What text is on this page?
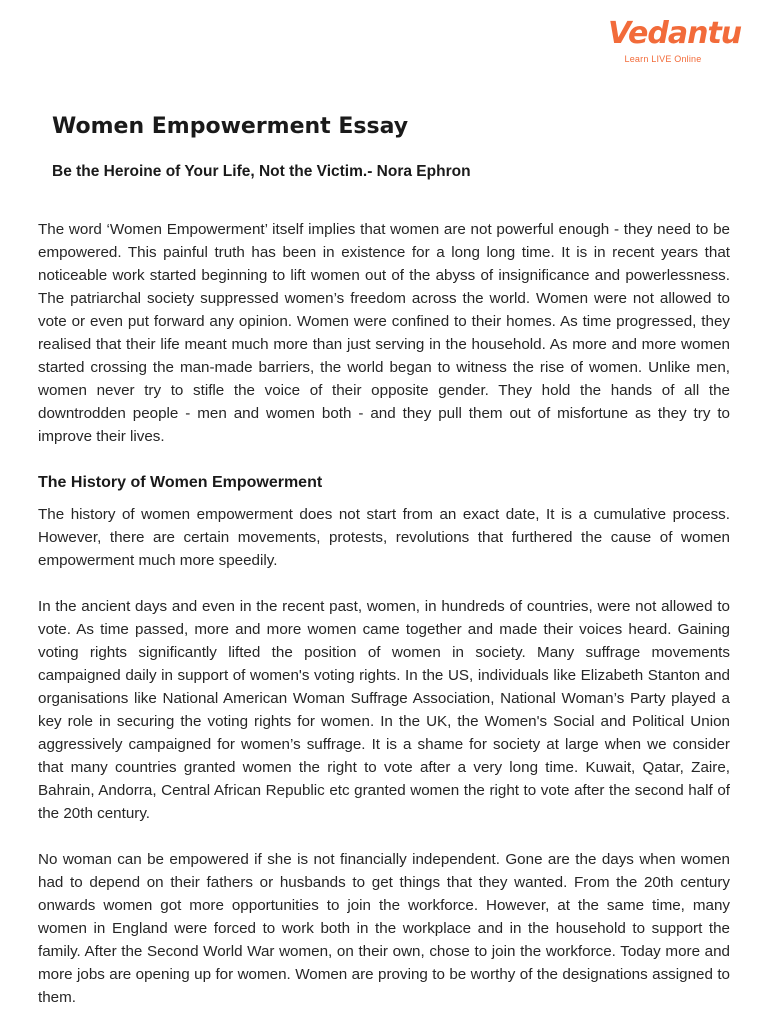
Vedantu
Learn LIVE Online
Women Empowerment Essay

Be the Heroine of Your Life, Not the Victim.- Nora Ephron

The word ‘Women Empowerment’ itself implies that women are not powerful enough - they need to be empowered. This painful truth has been in existence for a long long time. It is in recent years that noticeable work started beginning to lift women out of the abyss of insignificance and powerlessness. The patriarchal society suppressed women’s freedom across the world. Women were not allowed to vote or even put forward any opinion. Women were confined to their homes. As time progressed, they realised that their life meant much more than just serving in the household. As more and more women started crossing the man-made barriers, the world began to witness the rise of women. Unlike men, women never try to stifle the voice of their opposite gender. They hold the hands of all the downtrodden people - men and women both - and they pull them out of misfortune as they try to improve their lives.

The History of Women Empowerment

The history of women empowerment does not start from an exact date, It is a cumulative process. However, there are certain movements, protests, revolutions that furthered the cause of women empowerment much more speedily.

In the ancient days and even in the recent past, women, in hundreds of countries, were not allowed to vote. As time passed, more and more women came together and made their voices heard. Gaining voting rights significantly lifted the position of women in society. Many suffrage movements campaigned daily in support of women's voting rights. In the US, individuals like Elizabeth Stanton and organisations like National American Woman Suffrage Association, National Woman’s Party played a key role in securing the voting rights for women. In the UK, the Women's Social and Political Union aggressively campaigned for women’s suffrage. It is a shame for society at large when we consider that many countries granted women the right to vote after a very long time. Kuwait, Qatar, Zaire, Bahrain, Andorra, Central African Republic etc granted women the right to vote after the second half of the 20th century.

No woman can be empowered if she is not financially independent. Gone are the days when women had to depend on their fathers or husbands to get things that they wanted. From the 20th century onwards women got more opportunities to join the workforce. However, at the same time, many women in England were forced to work both in the workplace and in the household to support the family. After the Second World War women, on their own, chose to join the workforce. Today more and more jobs are opening up for women. Women are proving to be worthy of the designations assigned to them.
